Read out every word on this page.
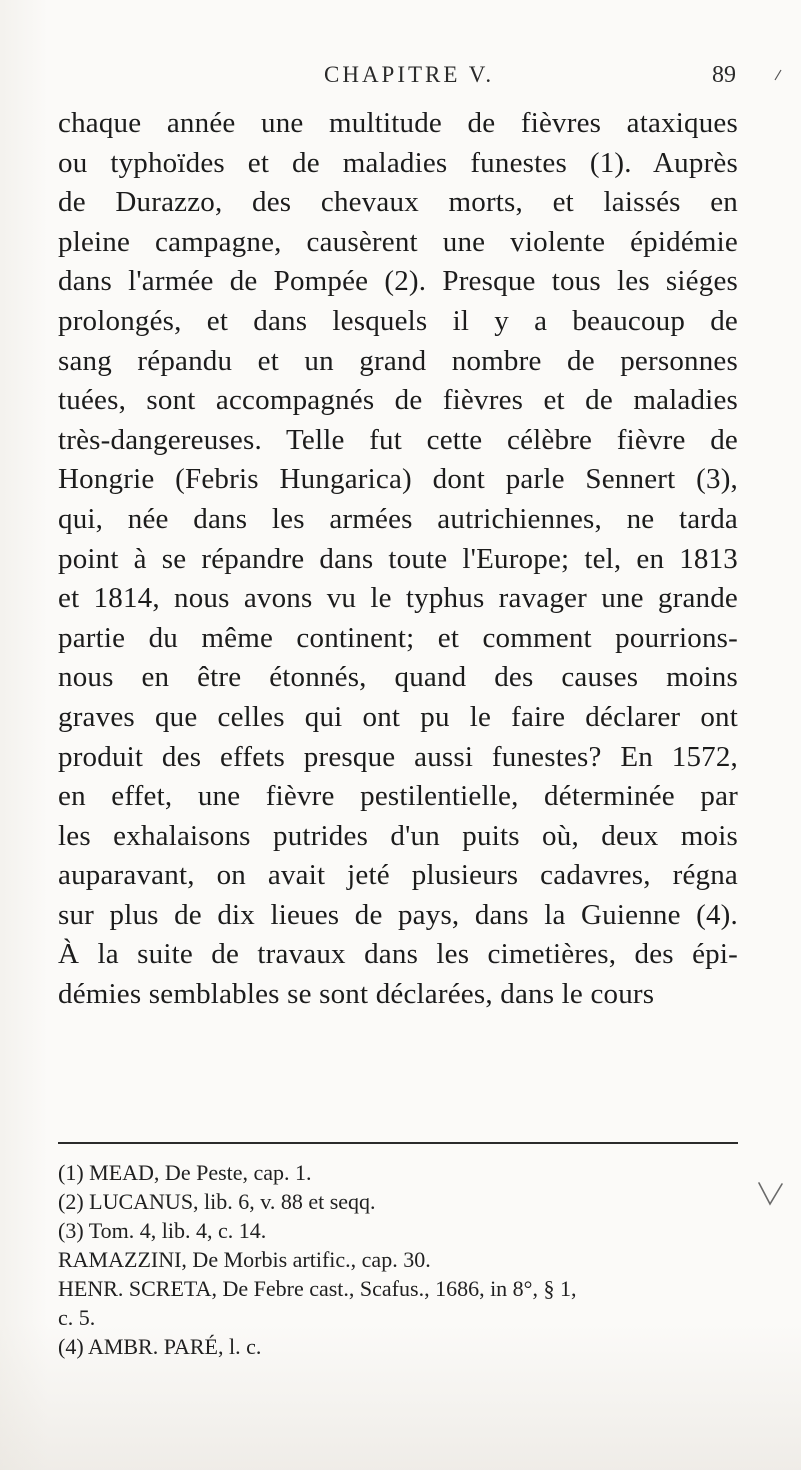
CHAPITRE V.	89
chaque année une multitude de fièvres ataxiques
ou typhoïdes et de maladies funestes (1). Auprès
de Durazzo, des chevaux morts, et laissés en
pleine campagne, causèrent une violente épidémie
dans l'armée de Pompée (2). Presque tous les siéges
prolongés, et dans lesquels il y a beaucoup de
sang répandu et un grand nombre de personnes
tuées, sont accompagnés de fièvres et de maladies
très-dangereuses. Telle fut cette célèbre fièvre de
Hongrie (Febris Hungarica) dont parle Sennert (3),
qui, née dans les armées autrichiennes, ne tarda
point à se répandre dans toute l'Europe; tel, en 1813
et 1814, nous avons vu le typhus ravager une grande
partie du même continent; et comment pourrions-
nous en être étonnés, quand des causes moins
graves que celles qui ont pu le faire déclarer ont
produit des effets presque aussi funestes? En 1572,
en effet, une fièvre pestilentielle, déterminée par
les exhalaisons putrides d'un puits où, deux mois
auparavant, on avait jeté plusieurs cadavres, régna
sur plus de dix lieues de pays, dans la Guienne (4).
À la suite de travaux dans les cimetières, des épi-
démies semblables se sont déclarées, dans le cours
(1) MEAD, De Peste, cap. 1.
(2) LUCANUS, lib. 6, v. 88 et seqq.
(3) Tom. 4, lib. 4, c. 14.
RAMAZZINI, De Morbis artific., cap. 30.
HENR. SCRETA, De Febre cast., Scafus., 1686, in 8°, § 1,
c. 5.
(4) AMBR. PARÉ, l. c.
